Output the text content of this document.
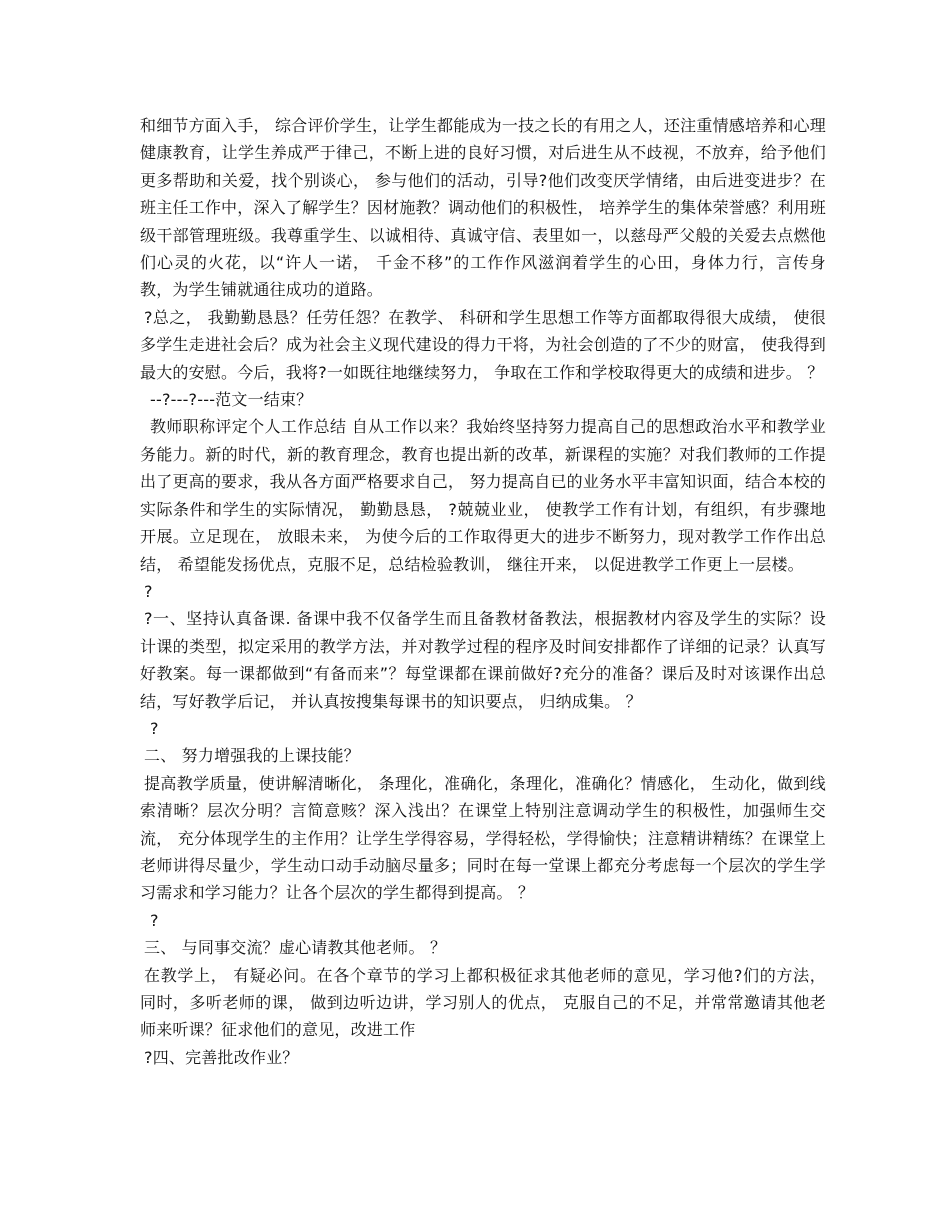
和细节方面入手， 综合评价学生，让学生都能成为一技之长的有用之人，还注重情感培养和心理健康教育，让学生养成严于律己，不断上进的良好习惯，对后进生从不歧视，不放弃，给予他们更多帮助和关爱，找个别谈心， 参与他们的活动，引导?他们改变厌学情绪，由后进变进步？在班主任工作中，深入了解学生？因材施教？调动他们的积极性， 培养学生的集体荣誉感？利用班级干部管理班级。我尊重学生、以诚相待、真诚守信、表里如一，以慈母严父般的关爱去点燃他们心灵的火花，以“许人一诺， 千金不移”的工作作风滋润着学生的心田，身体力行，言传身教，为学生铺就通往成功的道路。

?总之， 我勤勤恳恳？任劳任怨？在教学、 科研和学生思想工作等方面都取得很大成绩， 使很多学生走进社会后？成为社会主义现代建设的得力干将，为社会创造的了不少的财富， 使我得到最大的安慰。今后，我将?一如既往地继续努力， 争取在工作和学校取得更大的成绩和进步。 ？

--?---?---范文一结束？

教师职称评定个人工作总结 自从工作以来？我始终坚持努力提高自己的思想政治水平和教学业务能力。新的时代，新的教育理念，教育也提出新的改革，新课程的实施？对我们教师的工作提出了更高的要求，我从各方面严格要求自己， 努力提高自已的业务水平丰富知识面，结合本校的实际条件和学生的实际情况， 勤勤恳恳， ?兢兢业业， 使教学工作有计划，有组织，有步骤地开展。立足现在， 放眼未来， 为使今后的工作取得更大的进步不断努力，现对教学工作作出总结， 希望能发扬优点，克服不足，总结检验教训， 继往开来， 以促进教学工作更上一层楼。

?

?一、坚持认真备课. 备课中我不仅备学生而且备教材备教法，根据教材内容及学生的实际？设计课的类型，拟定采用的教学方法，并对教学过程的程序及时间安排都作了详细的记录？认真写好教案。每一课都做到“有备而来”？每堂课都在课前做好?充分的准备？课后及时对该课作出总结，写好教学后记， 并认真按搜集每课书的知识要点， 归纳成集。 ？

?

二、 努力增强我的上课技能？

提高教学质量，使讲解清晰化， 条理化，准确化，条理化，准确化？情感化， 生动化，做到线索清晰？层次分明？言简意赅？深入浅出？在课堂上特别注意调动学生的积极性，加强师生交流， 充分体现学生的主作用？让学生学得容易，学得轻松，学得愉快；注意精讲精练？在课堂上老师讲得尽量少，学生动口动手动脑尽量多；同时在每一堂课上都充分考虑每一个层次的学生学习需求和学习能力？让各个层次的学生都得到提高。 ？

?

三、 与同事交流？虚心请教其他老师。 ？

在教学上， 有疑必问。在各个章节的学习上都积极征求其他老师的意见，学习他?们的方法， 同时，多听老师的课， 做到边听边讲，学习别人的优点， 克服自己的不足，并常常邀请其他老师来听课？征求他们的意见，改进工作

?四、完善批改作业？
